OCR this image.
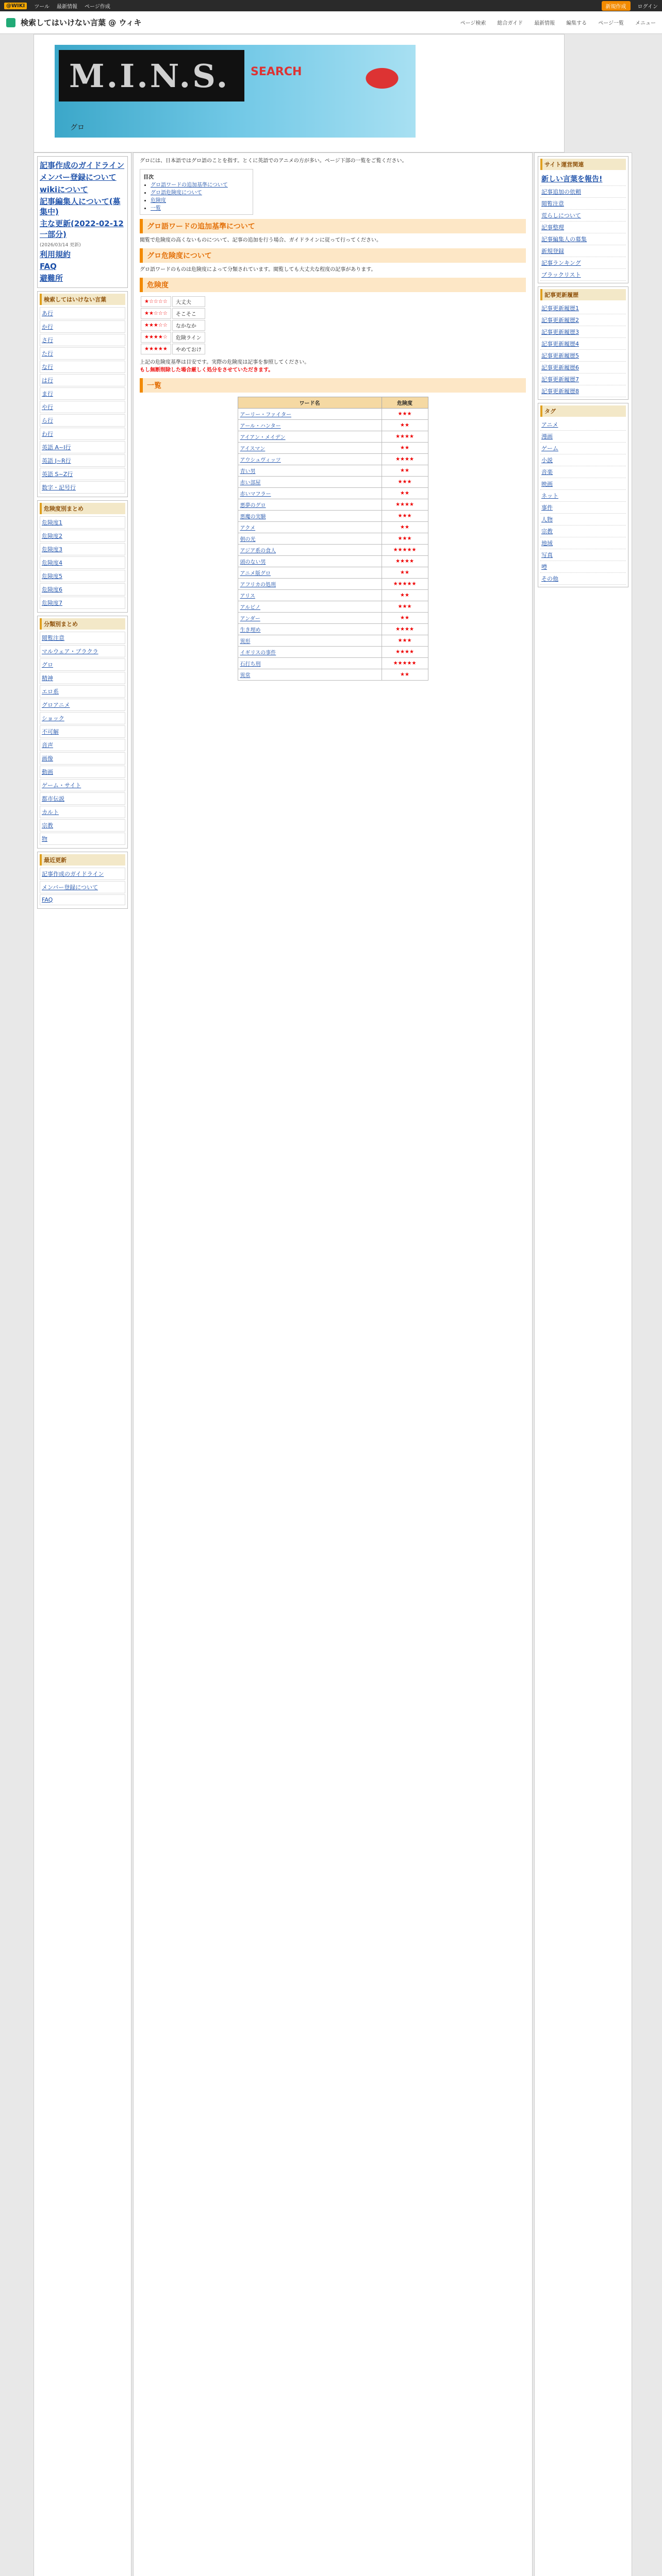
@WIKI	ツール 最新情報 ページ作成	新規作成	ログイン
検索してはいけない言葉 @ ウィキ	ページ検索 総合ガイド 最新情報 編集する ページ一覧 メニュー
M.I.N.S. SEARCH
グロ
記事作成のガイドライン
メンバー登録について
wikiについて
記事編集人について(募集中)
主な更新(2022-02-12一部分)
(2026/03/14 更新)
利用規約
FAQ
避難所
検索してはいけない言葉
あ行
か行
さ行
た行
な行
は行
ま行
や行
ら行
わ行
英語 A~I行
英語 J~R行
英語 S~Z行
数字・記号行
危険度別まとめ
危険度1
危険度2
危険度3
危険度4
危険度5
危険度6
危険度7
分類別まとめ
閲覧注意
マルウェア・ブラクラ
グロ
精神
エロ系
グロアニメ
ショック
不可解
音声
画像
動画
ゲーム・サイト
都市伝説
カルト
宗教
物
最近更新
記事作成のガイドライン
メンバー登録について
FAQ

グロには、日本語ではグロ語のことを指す。とくに英語でのアニメの方が多い。ページ下部の一覧をご覧ください。

目次
• グロ語ワードの追加基準について
• グロ語危険度について
• 危険度
• 一覧
グロ語ワードの追加基準について

閲覧で危険度の高くないものについて、記事の追加を行う場合、ガイドラインに従って行ってください。

グロ危険度について

グロ語ワードのものは危険度によって分類されています。閲覧しても大丈夫な程度の記事があります。

危険度
★☆☆☆☆	大丈夫
★★☆☆☆	そこそこ
★★★☆☆	なかなか
★★★★☆	危険ライン
★★★★★	やめておけ

上記の危険度基準は目安です。実際の危険度は記事を参照してください。

もし無断削除した場合厳しく処分をさせていただきます。

一覧
ワード名	危険度
アーリー・ファイター	★★★
アール・ハンター	★★
アイアン・メイデン	★★★★
アイスマン	★★
アウシュヴィッツ	★★★★
青い男	★★
赤い部屋	★★★
赤いマフラー	★★
悪夢のグロ	★★★★
悪魔の実験	★★★
アクメ	★★
朝の光	★★★
アジア系の食人	★★★★★
頭のない男	★★★★
アニメ版グロ	★★
アフリカの処刑	★★★★★
アリス	★★
アルビノ	★★★
アンダー	★★
生き埋め	★★★★
異形	★★★
イギリスの事件	★★★★
石打ち刑	★★★★★
異常	★★
サイト運営関連
新しい言葉を報告!
記事追加の依頼
閲覧注意
荒らしについて
記事整理
記事編集人の募集
新規登録
記事ランキング
ブラックリスト
記事更新履歴
記事更新履歴1
記事更新履歴2
記事更新履歴3
記事更新履歴4
記事更新履歴5
記事更新履歴6
記事更新履歴7
記事更新履歴8
タグ
アニメ
漫画
ゲーム
小説
音楽
映画
ネット
事件
人物
宗教
地域
写真
噂
その他
